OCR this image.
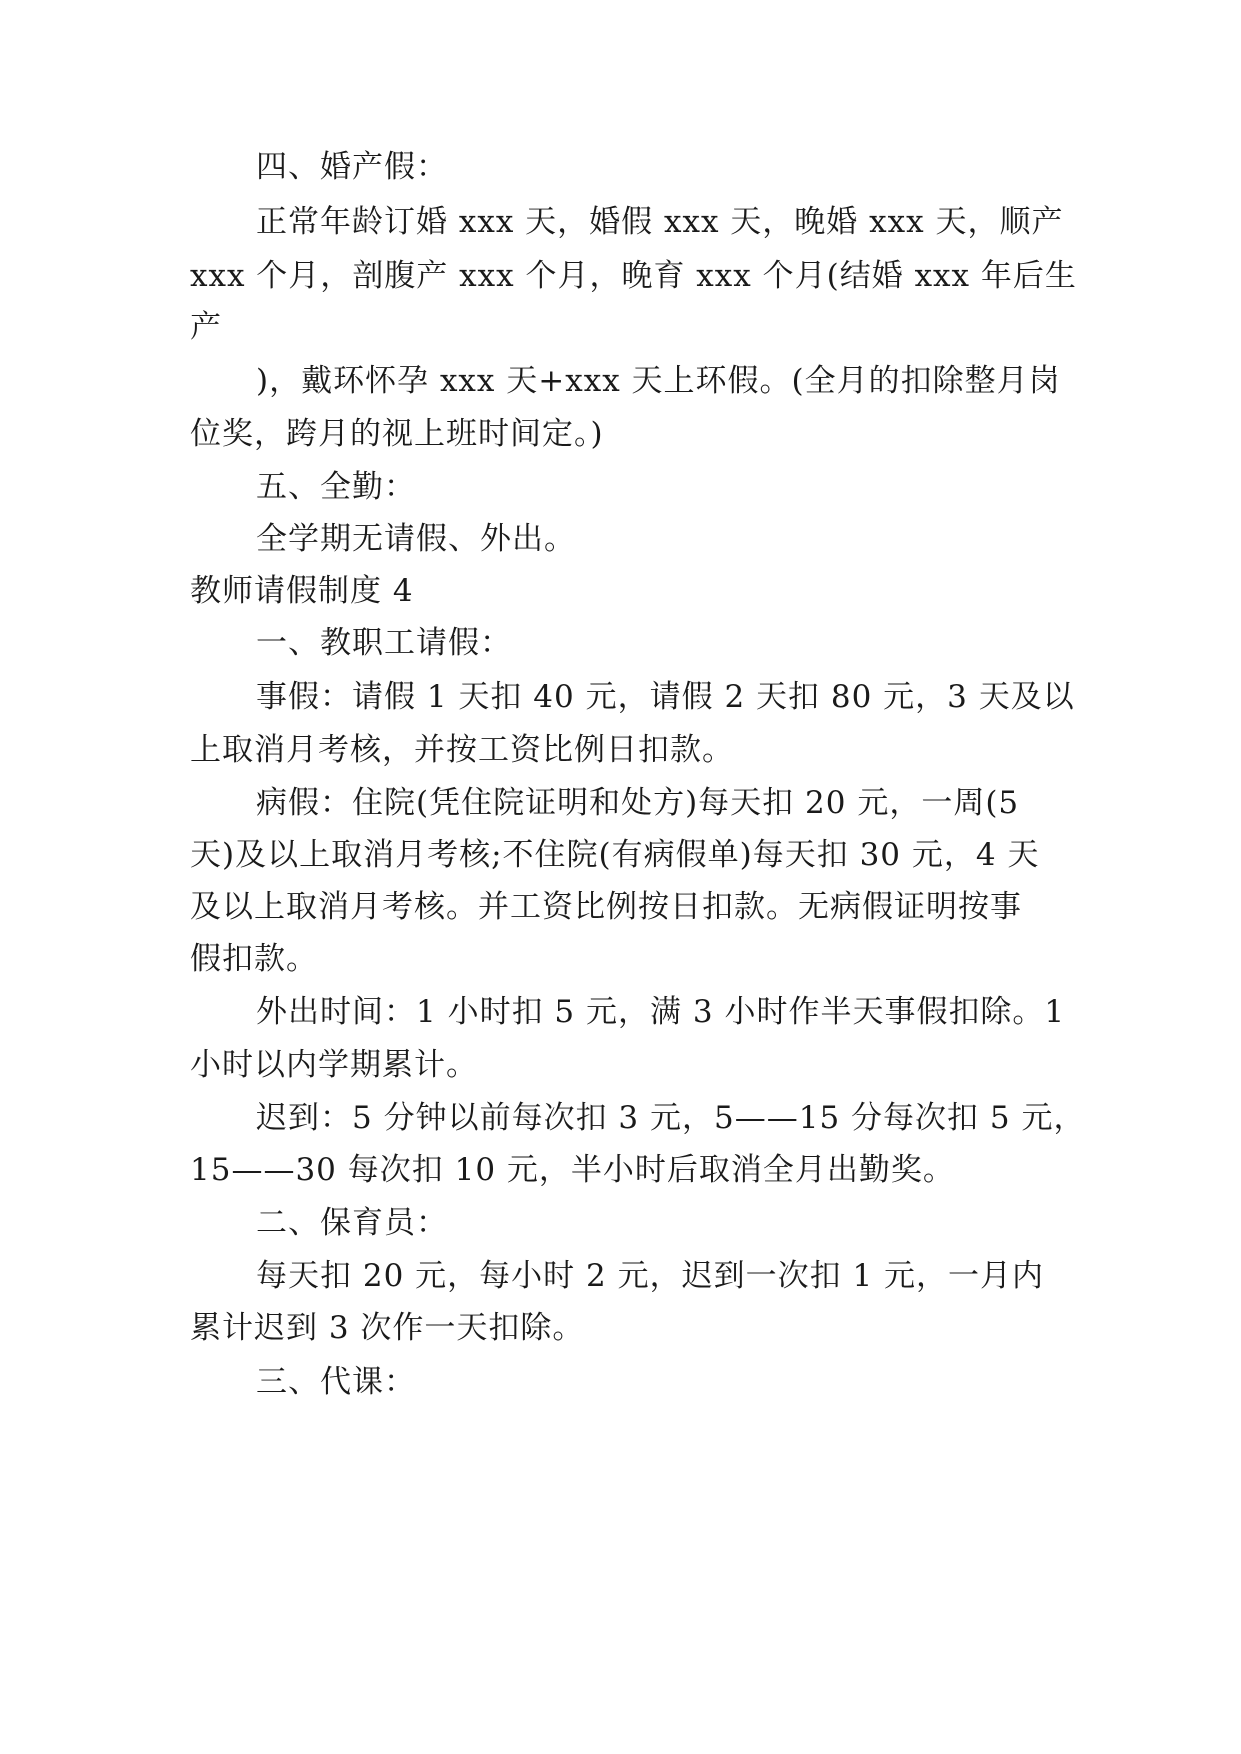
四、婚产假：
正常年龄订婚 xxx 天，婚假 xxx 天，晚婚 xxx 天，顺产
xxx 个月，剖腹产 xxx 个月，晚育 xxx 个月(结婚 xxx 年后生
产
)，戴环怀孕 xxx 天+xxx 天上环假。(全月的扣除整月岗
位奖，跨月的视上班时间定。)
五、全勤：
全学期无请假、外出。
教师请假制度 4
一、教职工请假：
事假：请假 1 天扣 40 元，请假 2 天扣 80 元，3 天及以
上取消月考核，并按工资比例日扣款。
病假：住院(凭住院证明和处方)每天扣 20 元，一周(5
天)及以上取消月考核;不住院(有病假单)每天扣 30 元，4 天
及以上取消月考核。并工资比例按日扣款。无病假证明按事
假扣款。
外出时间：1 小时扣 5 元，满 3 小时作半天事假扣除。1
小时以内学期累计。
迟到：5 分钟以前每次扣 3 元，5——15 分每次扣 5 元，
15——30 每次扣 10 元，半小时后取消全月出勤奖。
二、保育员：
每天扣 20 元，每小时 2 元，迟到一次扣 1 元，一月内
累计迟到 3 次作一天扣除。
三、代课：
